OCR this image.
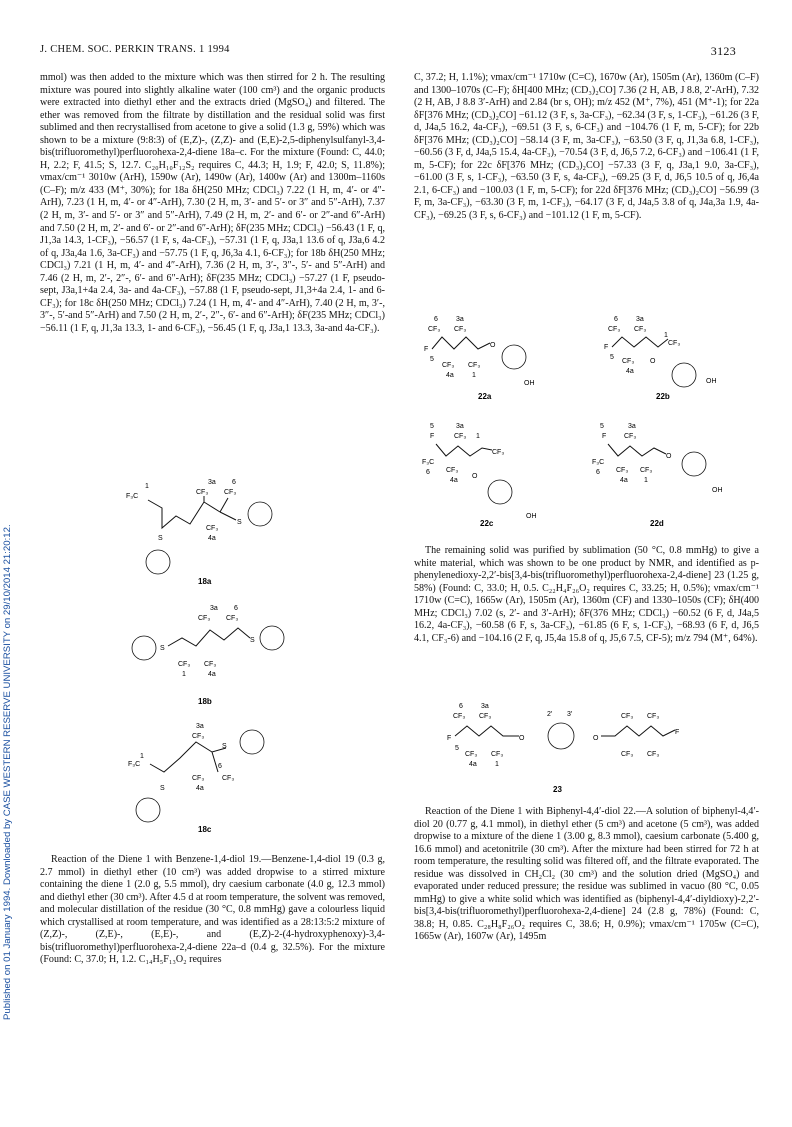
Published on 01 January 1994. Downloaded by CASE WESTERN RESERVE UNIVERSITY on 29/10/2014 21:20:12.
J. CHEM. SOC. PERKIN TRANS. 1 1994	3123

mmol) was then added to the mixture which was then stirred for 2 h. The resulting mixture was poured into slightly alkaline water (100 cm³) and the organic products were extracted into diethyl ether and the extracts dried (MgSO₄) and filtered. The ether was removed from the filtrate by distillation and the residual solid was first sublimed and then recrystallised from acetone to give a solid (1.3 g, 59%) which was shown to be a mixture (9:8:3) of (E,Z)-, (Z,Z)- and (E,E)-2,5-diphenylsulfanyl-3,4-bis(trifluoromethyl)perfluorohexa-2,4-diene 18a–c. For the mixture (Found: C, 44.0; H, 2.2; F, 41.5; S, 12.7. C₂₀H₁₀F₁₂S₂ requires C, 44.3; H, 1.9; F, 42.0; S, 11.8%); νmax/cm⁻¹ 3010w (ArH), 1590w (Ar), 1490w (Ar), 1400w (Ar) and 1300m–1160s (C–F); m/z 433 (M⁺, 30%); for 18a δH(250 MHz; CDCl₃) 7.22 (1 H, m, 4′- or 4″-ArH), 7.23 (1 H, m, 4′- or 4″-ArH), 7.30 (2 H, m, 3′- and 5′- or 3″ and 5″-ArH), 7.37 (2 H, m, 3′- and 5′- or 3″ and 5″-ArH), 7.49 (2 H, m, 2′- and 6′- or 2″-and 6″-ArH) and 7.50 (2 H, m, 2′- and 6′- or 2″-and 6″-ArH); δF(235 MHz; CDCl₃) −56.43 (1 F, q, J1,3a 14.3, 1-CF₃), −56.57 (1 F, s, 4a-CF₃), −57.31 (1 F, q, J3a,1 13.6 of q, J3a,6 4.2 of q, J3a,4a 1.6, 3a-CF₃) and −57.75 (1 F, q, J6,3a 4.1, 6-CF₃); for 18b δH(250 MHz; CDCl₃) 7.21 (1 H, m, 4′- and 4″-ArH), 7.36 (2 H, m, 3′-, 3″-, 5′- and 5″-ArH) and 7.46 (2 H, m, 2′-, 2″-, 6′- and 6″-ArH); δF(235 MHz; CDCl₃) −57.27 (1 F, pseudo-sept, J3a,1+4a 2.4, 3a- and 4a-CF₃), −57.88 (1 F, pseudo-sept, J1,3+4a 2.4, 1- and 6-CF₃); for 18c δH(250 MHz; CDCl₃) 7.24 (1 H, m, 4′- and 4″-ArH), 7.40 (2 H, m, 3′-, 3″-, 5′-and 5″-ArH) and 7.50 (2 H, m, 2′-, 2″-, 6′- and 6″-ArH); δF(235 MHz; CDCl₃) −56.11 (1 F, q, J1,3a 13.3, 1- and 6-CF₃), −56.45 (1 F, q, J3a,1 13.3, 3a-and 4a-CF₃).

1
3a 6
F₃C
CF₃ CF₃
S
CF₃
4a
S
18a
3a 6
CF₃ CF₃
S
S
CF₃ CF₃
1	4a
18b
3a
CF₃
S
1
F₃C	6
CF₃
CF₃
4a
S
18c

Reaction of the Diene 1 with Benzene-1,4-diol 19.—Benzene-1,4-diol 19 (0.3 g, 2.7 mmol) in diethyl ether (10 cm³) was added dropwise to a stirred mixture containing the diene 1 (2.0 g, 5.5 mmol), dry caesium carbonate (4.0 g, 12.3 mmol) and diethyl ether (30 cm³). After 4.5 d at room temperature, the solvent was removed, and molecular distillation of the residue (30 °C, 0.8 mmHg) gave a colourless liquid which crystallised at room temperature, and was identified as a 28:13:5:2 mixture of (Z,Z)-, (Z,E)-, (E,E)-, and (E,Z)-2-(4-hydroxyphenoxy)-3,4-bis(trifluoromethyl)perfluorohexa-2,4-diene 22a–d (0.4 g, 32.5%). For the mixture (Found: C, 37.0; H, 1.2. C₁₄H₅F₁₃O₂ requires

C, 37.2; H, 1.1%); νmax/cm⁻¹ 1710w (C=C), 1670w (Ar), 1505m (Ar), 1360m (C–F) and 1300–1070s (C–F); δH[400 MHz; (CD₃)₂CO] 7.36 (2 H, AB, J 8.8, 2′-ArH), 7.32 (2 H, AB, J 8.8 3′-ArH) and 2.84 (br s, OH); m/z 452 (M⁺, 7%), 451 (M⁺-1); for 22a δF[376 MHz; (CD₃)₂CO] −61.12 (3 F, s, 3a-CF₃), −62.34 (3 F, s, 1-CF₃), −61.26 (3 F, d, J4a,5 16.2, 4a-CF₃), −69.51 (3 F, s, 6-CF₃) and −104.76 (1 F, m, 5-CF); for 22b δF[376 MHz; (CD₃)₂CO] −58.14 (3 F, m, 3a-CF₃), −63.50 (3 F, q, J1,3a 6.8, 1-CF₃), −60.56 (3 F, d, J4a,5 15.4, 4a-CF₃), −70.54 (3 F, d, J6,5 7.2, 6-CF₃) and −106.41 (1 F, m, 5-CF); for 22c δF[376 MHz; (CD₃)₂CO] −57.33 (3 F, q, J3a,1 9.0, 3a-CF₃), −61.00 (3 F, s, 1-CF₃), −63.50 (3 F, s, 4a-CF₃), −69.25 (3 F, d, J6,5 10.5 of q, J6,4a 2.1, 6-CF₃) and −100.03 (1 F, m, 5-CF); for 22d δF[376 MHz; (CD₃)₂CO] −56.99 (3 F, m, 3a-CF₃), −63.30 (3 F, m, 1-CF₃), −64.17 (3 F, d, J4a,5 3.8 of q, J4a,3a 1.9, 4a-CF₃), −69.25 (3 F, s, 6-CF₃) and −101.12 (1 F, m, 5-CF).

6	3a
CF₃ CF₃
F
O
OH
5
CF₃ CF₃
4a	1
22a
6	3a
CF₃ CF₃
F
1
CF₃
5
CF₃
4a
O
OH
22b
5	3a
F	CF₃ 1
CF₃
F₃C
6 CF₃
4a
O
OH
22c
5	3a
F	CF₃
O
OH
F₃C
6 CF₃ CF₃
4a 1
22d

The remaining solid was purified by sublimation (50 °C, 0.8 mmHg) to give a white material, which was shown to be one product by NMR, and identified as p-phenylenedioxy-2,2′-bis[3,4-bis(trifluoromethyl)perfluorohexa-2,4-diene] 23 (1.25 g, 58%) (Found: C, 33.0; H, 0.5. C₂₂H₄F₂₆O₂ requires C, 33.25; H, 0.5%); νmax/cm⁻¹ 1710w (C=C), 1665w (Ar), 1505m (Ar), 1360m (CF) and 1330–1050s (CF); δH(400 MHz; CDCl₃) 7.02 (s, 2′- and 3′-ArH); δF(376 MHz; CDCl₃) −60.52 (6 F, d, J4a,5 16.2, 4a-CF₃), −60.58 (6 F, s, 3a-CF₃), −61.85 (6 F, s, 1-CF₃), −68.93 (6 F, d, J6,5 4.1, CF₃-6) and −104.16 (2 F, q, J5,4a 15.8 of q, J5,6 7.5, CF-5); m/z 794 (M⁺, 64%).

6	3a
CF₃ CF₃
F	O
2′ 3′
O
CF₃ CF₃
F
5
CF₃ CF₃
4a	1
CF₃ CF₃
23

Reaction of the Diene 1 with Biphenyl-4,4′-diol 22.—A solution of biphenyl-4,4′-diol 20 (0.77 g, 4.1 mmol), in diethyl ether (5 cm³) and acetone (5 cm³), was added dropwise to a mixture of the diene 1 (3.00 g, 8.3 mmol), caesium carbonate (5.400 g, 16.6 mmol) and acetonitrile (30 cm³). After the mixture had been stirred for 72 h at room temperature, the resulting solid was filtered off, and the filtrate evaporated. The residue was dissolved in CH₂Cl₂ (30 cm³) and the solution dried (MgSO₄) and evaporated under reduced pressure; the residue was sublimed in vacuo (80 °C, 0.05 mmHg) to give a white solid which was identified as (biphenyl-4,4′-diyldioxy)-2,2′-bis[3,4-bis(trifluoromethyl)perfluorohexa-2,4-diene] 24 (2.8 g, 78%) (Found: C, 38.8; H, 0.85. C₂₈H₈F₂₆O₂ requires C, 38.6; H, 0.9%); νmax/cm⁻¹ 1705w (C=C), 1665w (Ar), 1607w (Ar), 1495m
